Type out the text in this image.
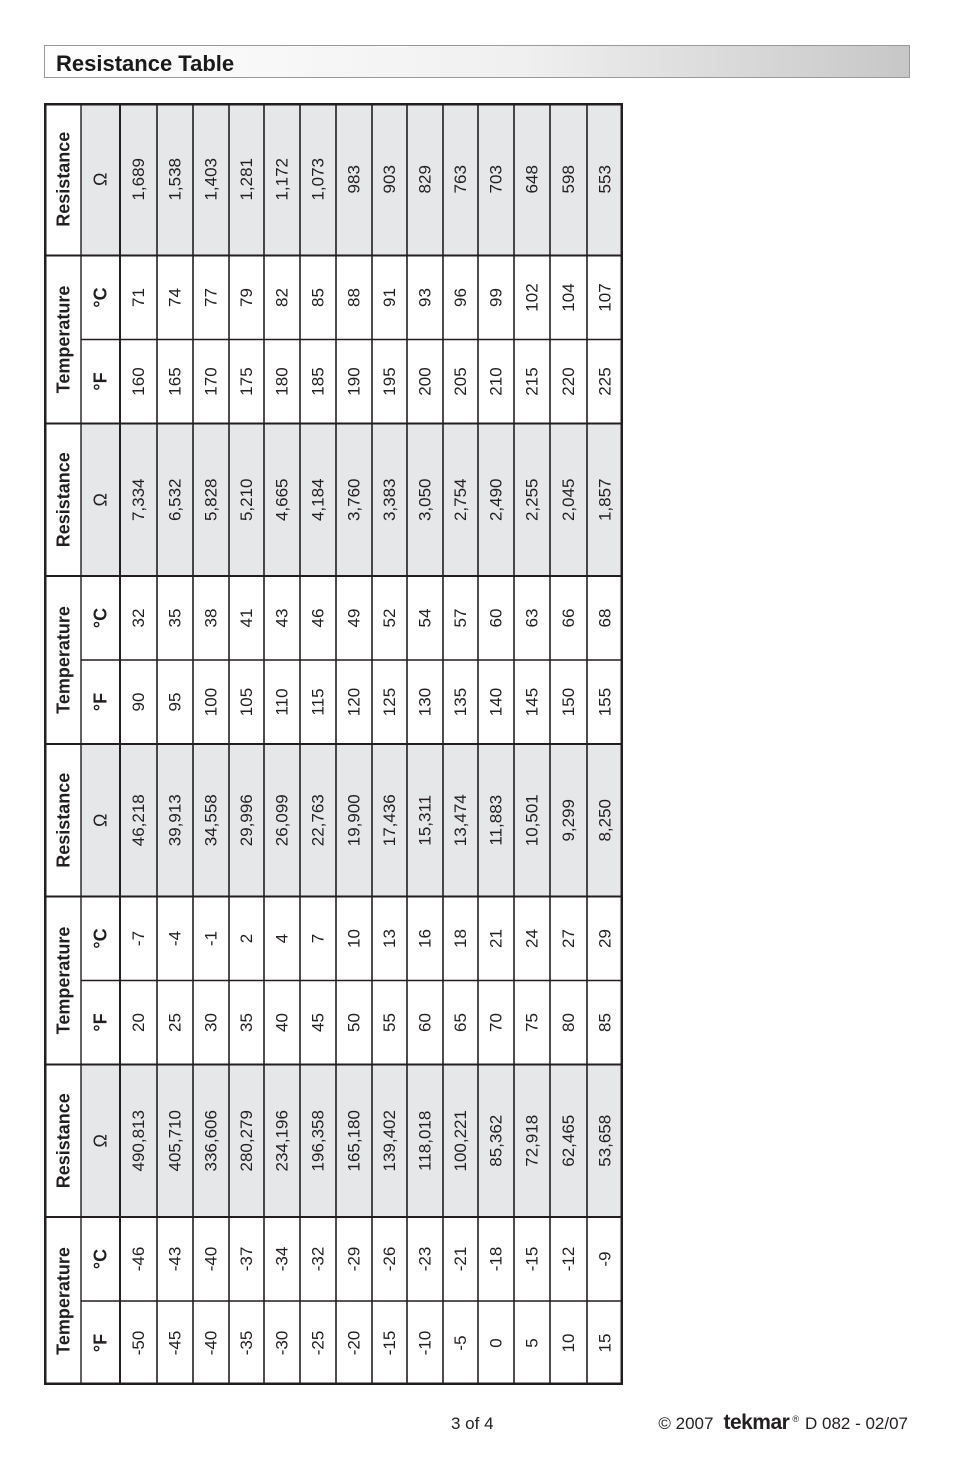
Resistance Table
Temperature
Resistance
°F
°C
Ω
-50
-46
490,813
-45
-43
405,710
-40
-40
336,606
-35
-37
280,279
-30
-34
234,196
-25
-32
196,358
-20
-29
165,180
-15
-26
139,402
-10
-23
118,018
-5
-21
100,221
0
-18
85,362
5
-15
72,918
10
-12
62,465
15
-9
53,658
Temperature
Resistance
°F
°C
Ω
20
-7
46,218
25
-4
39,913
30
-1
34,558
35
2
29,996
40
4
26,099
45
7
22,763
50
10
19,900
55
13
17,436
60
16
15,311
65
18
13,474
70
21
11,883
75
24
10,501
80
27
9,299
85
29
8,250
Temperature
Resistance
°F
°C
Ω
90
32
7,334
95
35
6,532
100
38
5,828
105
41
5,210
110
43
4,665
115
46
4,184
120
49
3,760
125
52
3,383
130
54
3,050
135
57
2,754
140
60
2,490
145
63
2,255
150
66
2,045
155
68
1,857
Temperature
Resistance
°F
°C
Ω
160
71
1,689
165
74
1,538
170
77
1,403
175
79
1,281
180
82
1,172
185
85
1,073
190
88
983
195
91
903
200
93
829
205
96
763
210
99
703
215
102
648
220
104
598
225
107
553
3 of 4	© 2007 tekmar ® D 082 - 02/07
